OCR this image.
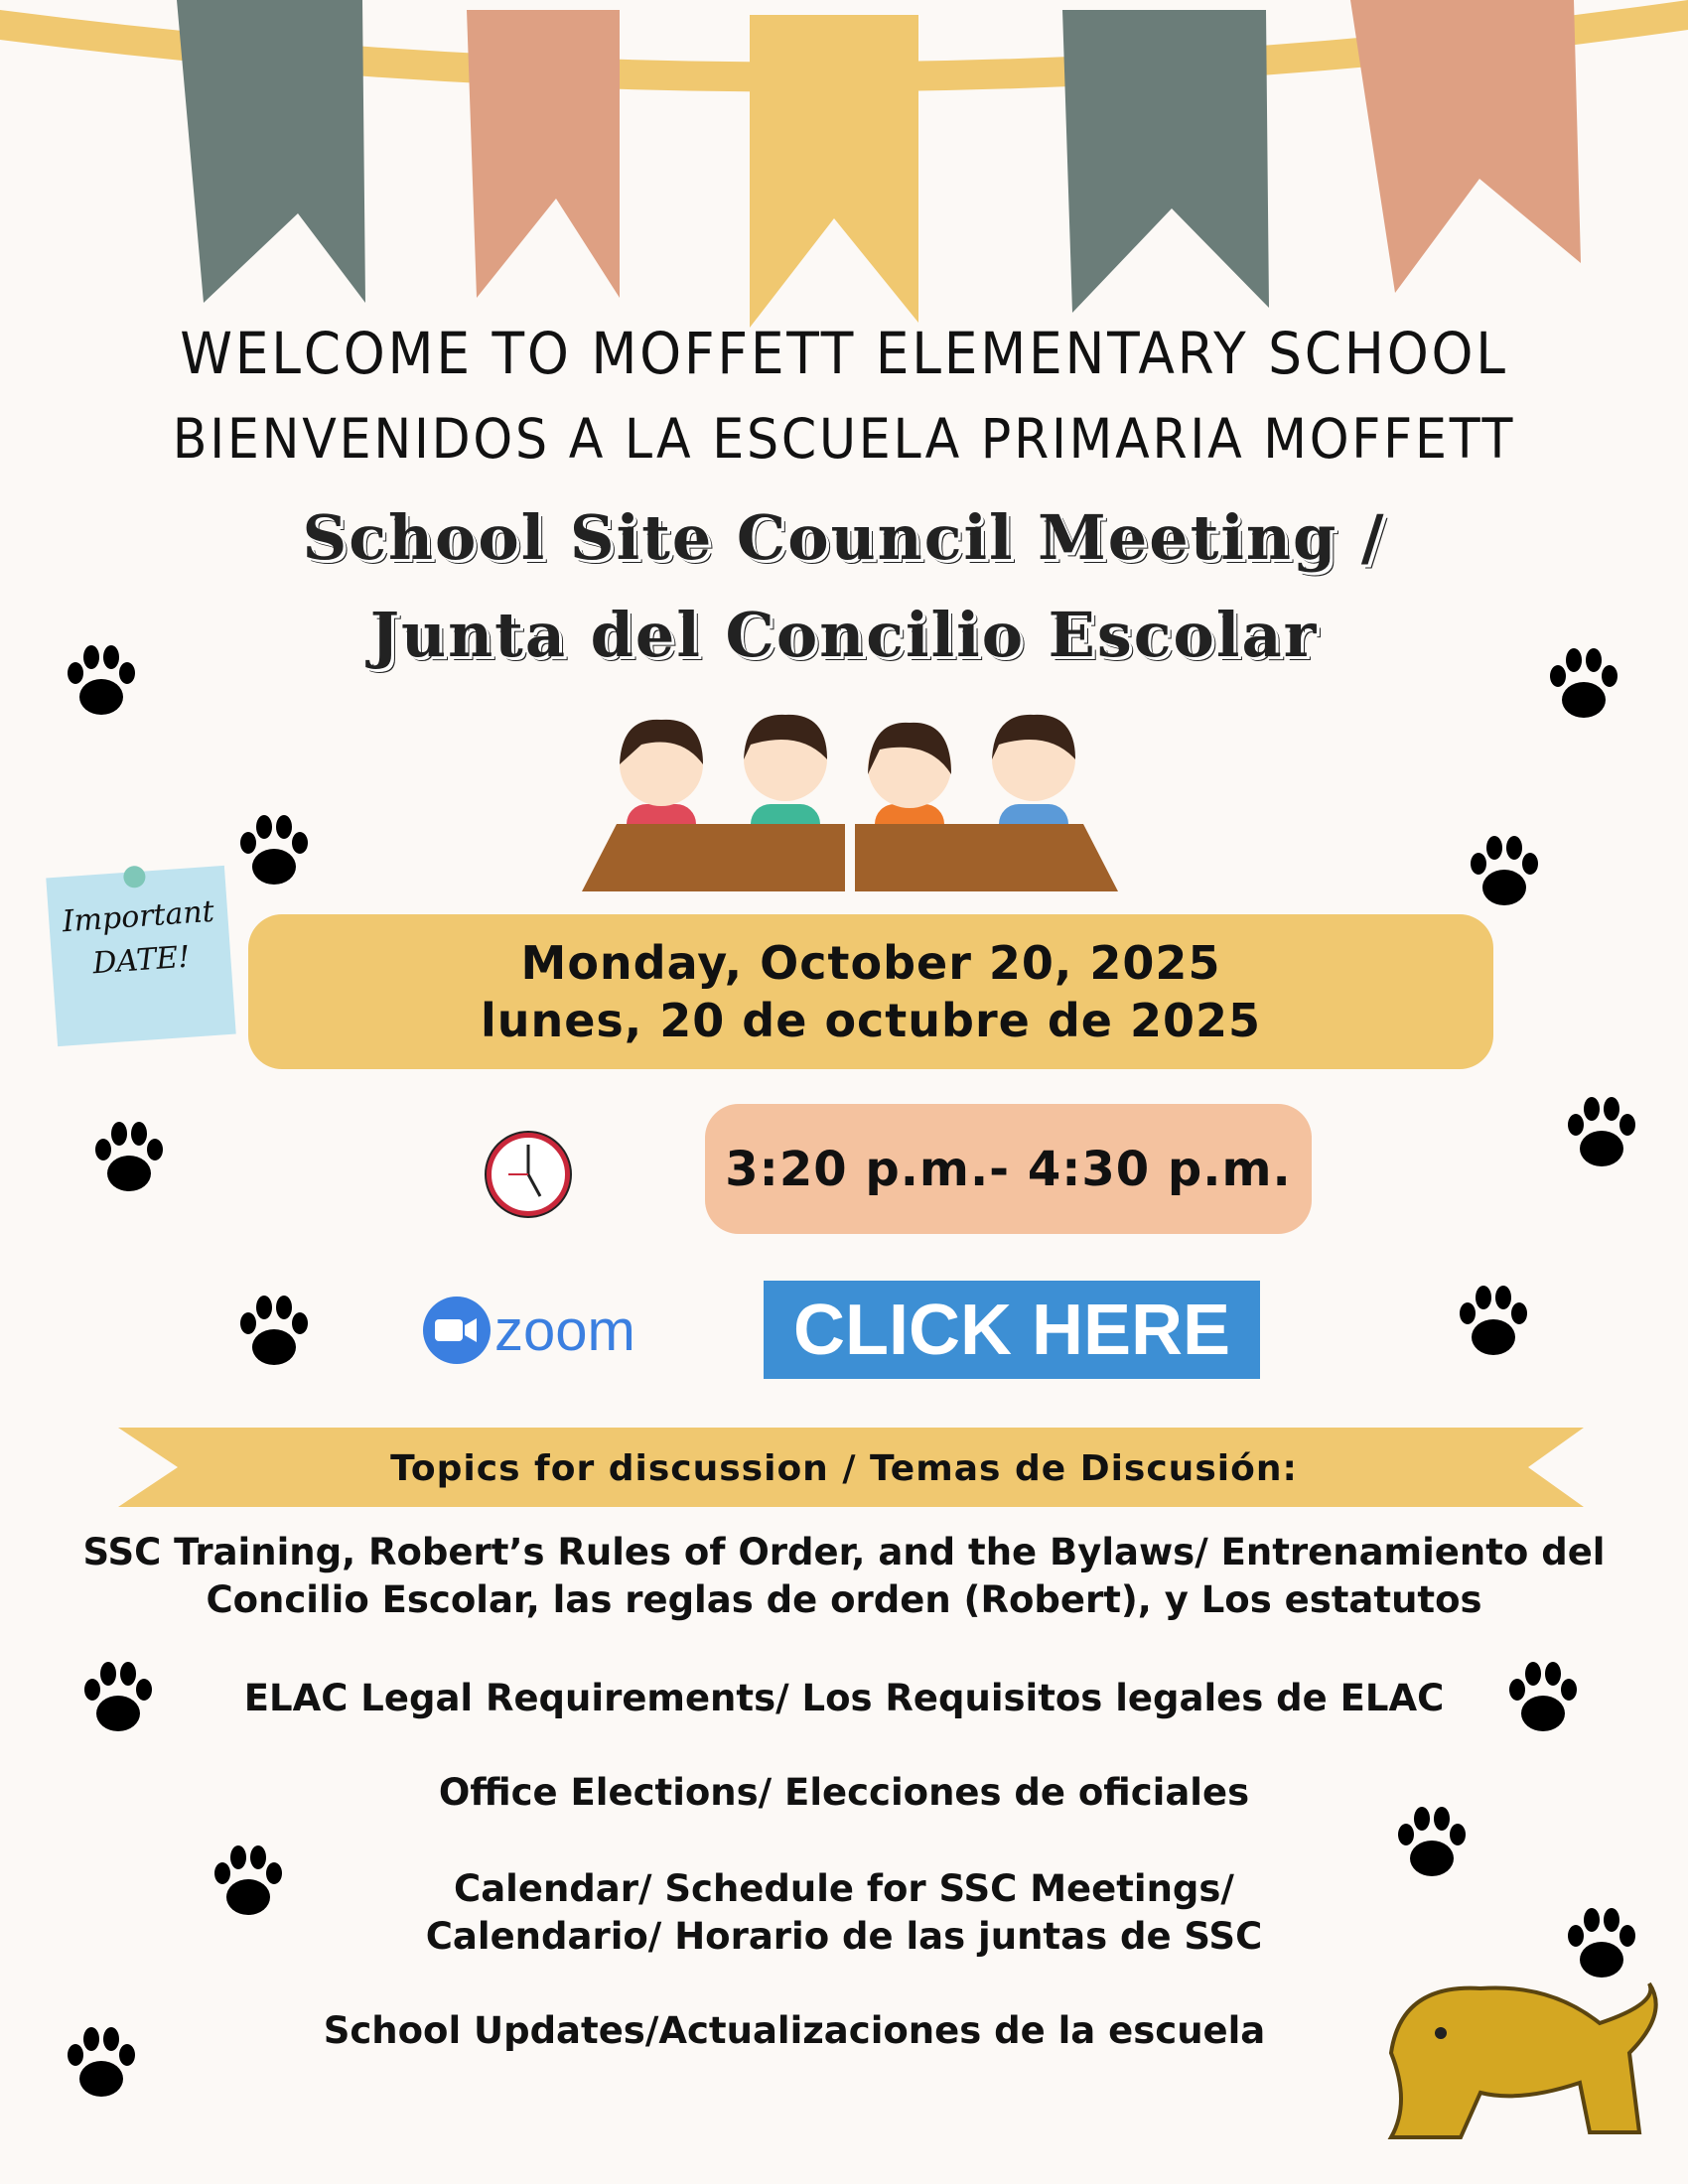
WELCOME TO MOFFETT ELEMENTARY SCHOOL
BIENVENIDOS A LA ESCUELA PRIMARIA MOFFETT
School Site Council Meeting /
Junta del Concilio Escolar
Important
DATE!	Monday, October 20, 2025
lunes, 20 de octubre de 2025
3:20 p.m.- 4:30 p.m.
zoom	CLICK HERE
Topics for discussion / Temas de Discusión:
SSC Training, Robert’s Rules of Order, and the Bylaws/ Entrenamiento del
Concilio Escolar, las reglas de orden (Robert), y Los estatutos
ELAC Legal Requirements/ Los Requisitos legales de ELAC
Office Elections/ Elecciones de oficiales
Calendar/ Schedule for SSC Meetings/
Calendario/ Horario de las juntas de SSC
School Updates/Actualizaciones de la escuela
